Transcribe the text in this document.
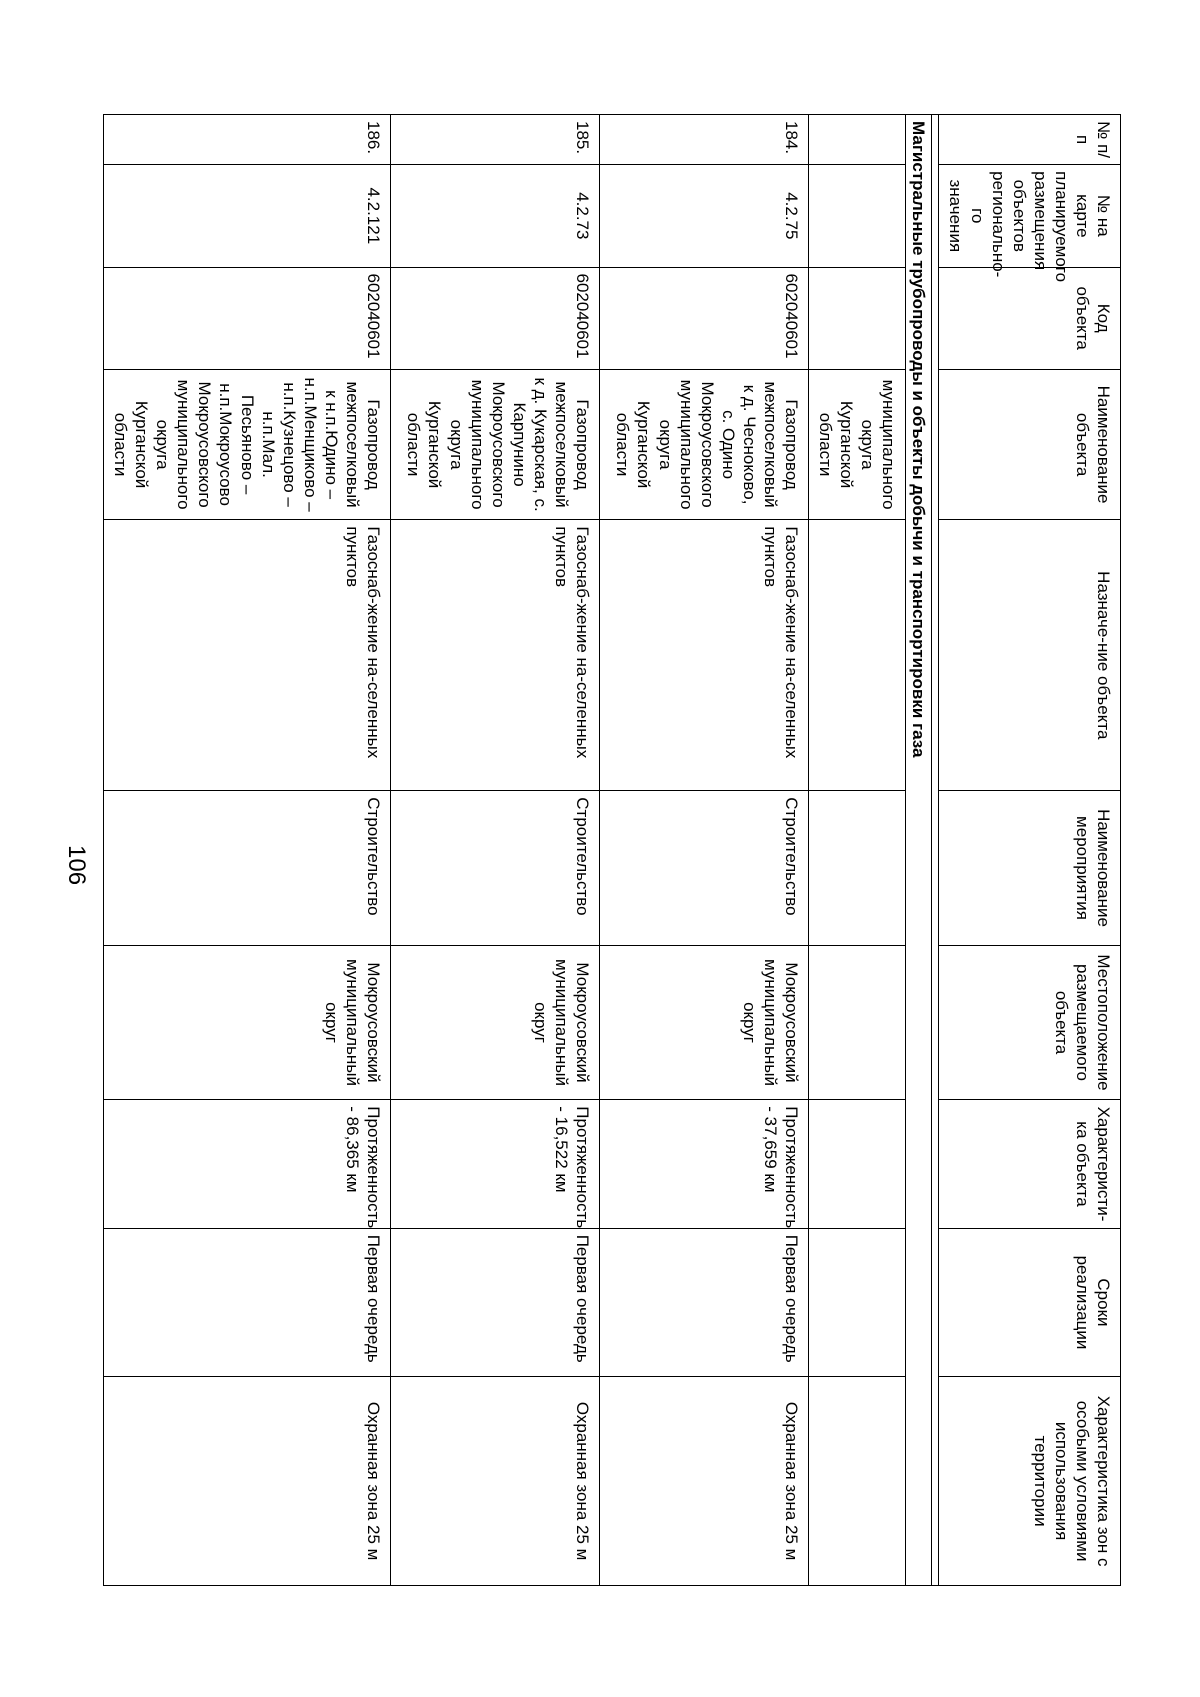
106
№ п/п	№ на карте планируемого размещения объектов регионально-го значения	Код объекта	Наименование объекта	Назначе-ние объекта	Наименование мероприятия	Местоположение размещаемого объекта	Характеристи-ка объекта	Сроки реализации	Характеристика зон с особыми условиями использования территории

Магистральные трубопроводы и объекты добычи и транспортировки газа									
			муниципального округа Курганской области						
184.	4.2.75	602040601	Газопровод межпоселковый к д. Чесноково, с. Одино Мокроусовского муниципального округа Курганской области	Газоснаб-жение на-селенных пунктов	Строительство	Мокроусовский муниципальный округ	Протяженность - 37,659 км	Первая очередь	Охранная зона 25 м
185.	4.2.73	602040601	Газопровод межпоселковый к д. Кукарская, с. Карпунино Мокроусовского муниципального округа Курганской области	Газоснаб-жение на-селенных пунктов	Строительство	Мокроусовский муниципальный округ	Протяженность - 16,522 км	Первая очередь	Охранная зона 25 м
186.	4.2.121	602040601	Газопровод межпоселковый к н.п.Юдино – н.п.Менщиково – н.п.Кузнецово – н.п.Мал. Песьяново – н.п.Мокроусово Мокроусовского муниципального округа Курганской области	Газоснаб-жение на-селенных пунктов	Строительство	Мокроусовский муниципальный округ	Протяженность - 86,365 км	Первая очередь	Охранная зона 25 м
